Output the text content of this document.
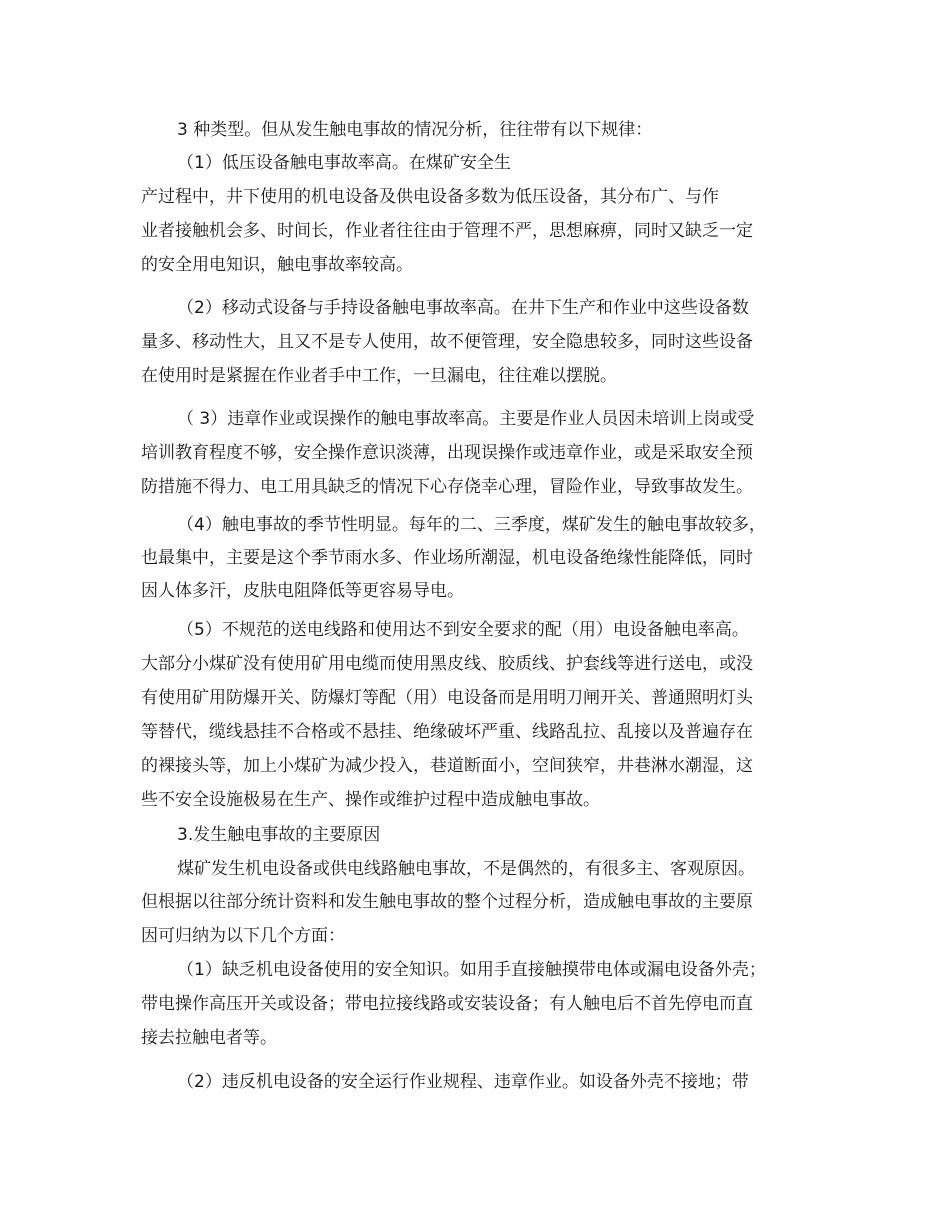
3 种类型。但从发生触电事故的情况分析，往往带有以下规律：
（1）低压设备触电事故率高。在煤矿安全生
产过程中，井下使用的机电设备及供电设备多数为低压设备，其分布广、与作
业者接触机会多、时间长，作业者往往由于管理不严，思想麻痹，同时又缺乏一定
的安全用电知识，触电事故率较高。
（2）移动式设备与手持设备触电事故率高。在井下生产和作业中这些设备数
量多、移动性大，且又不是专人使用，故不便管理，安全隐患较多，同时这些设备
在使用时是紧握在作业者手中工作，一旦漏电，往往难以摆脱。
（ 3）违章作业或误操作的触电事故率高。主要是作业人员因未培训上岗或受
培训教育程度不够，安全操作意识淡薄，出现误操作或违章作业，或是采取安全预
防措施不得力、电工用具缺乏的情况下心存侥幸心理，冒险作业，导致事故发生。
（4）触电事故的季节性明显。每年的二、三季度，煤矿发生的触电事故较多，
也最集中，主要是这个季节雨水多、作业场所潮湿，机电设备绝缘性能降低，同时
因人体多汗，皮肤电阻降低等更容易导电。
（5）不规范的送电线路和使用达不到安全要求的配（用）电设备触电率高。
大部分小煤矿没有使用矿用电缆而使用黑皮线、胶质线、护套线等进行送电，或没
有使用矿用防爆开关、防爆灯等配（用）电设备而是用明刀闸开关、普通照明灯头
等替代，缆线悬挂不合格或不悬挂、绝缘破坏严重、线路乱拉、乱接以及普遍存在
的裸接头等，加上小煤矿为减少投入，巷道断面小，空间狭窄，井巷淋水潮湿，这
些不安全设施极易在生产、操作或维护过程中造成触电事故。
3.发生触电事故的主要原因
煤矿发生机电设备或供电线路触电事故，不是偶然的，有很多主、客观原因。
但根据以往部分统计资料和发生触电事故的整个过程分析，造成触电事故的主要原
因可归纳为以下几个方面：
（1）缺乏机电设备使用的安全知识。如用手直接触摸带电体或漏电设备外壳；
带电操作高压开关或设备；带电拉接线路或安装设备；有人触电后不首先停电而直
接去拉触电者等。
（2）违反机电设备的安全运行作业规程、违章作业。如设备外壳不接地；带
